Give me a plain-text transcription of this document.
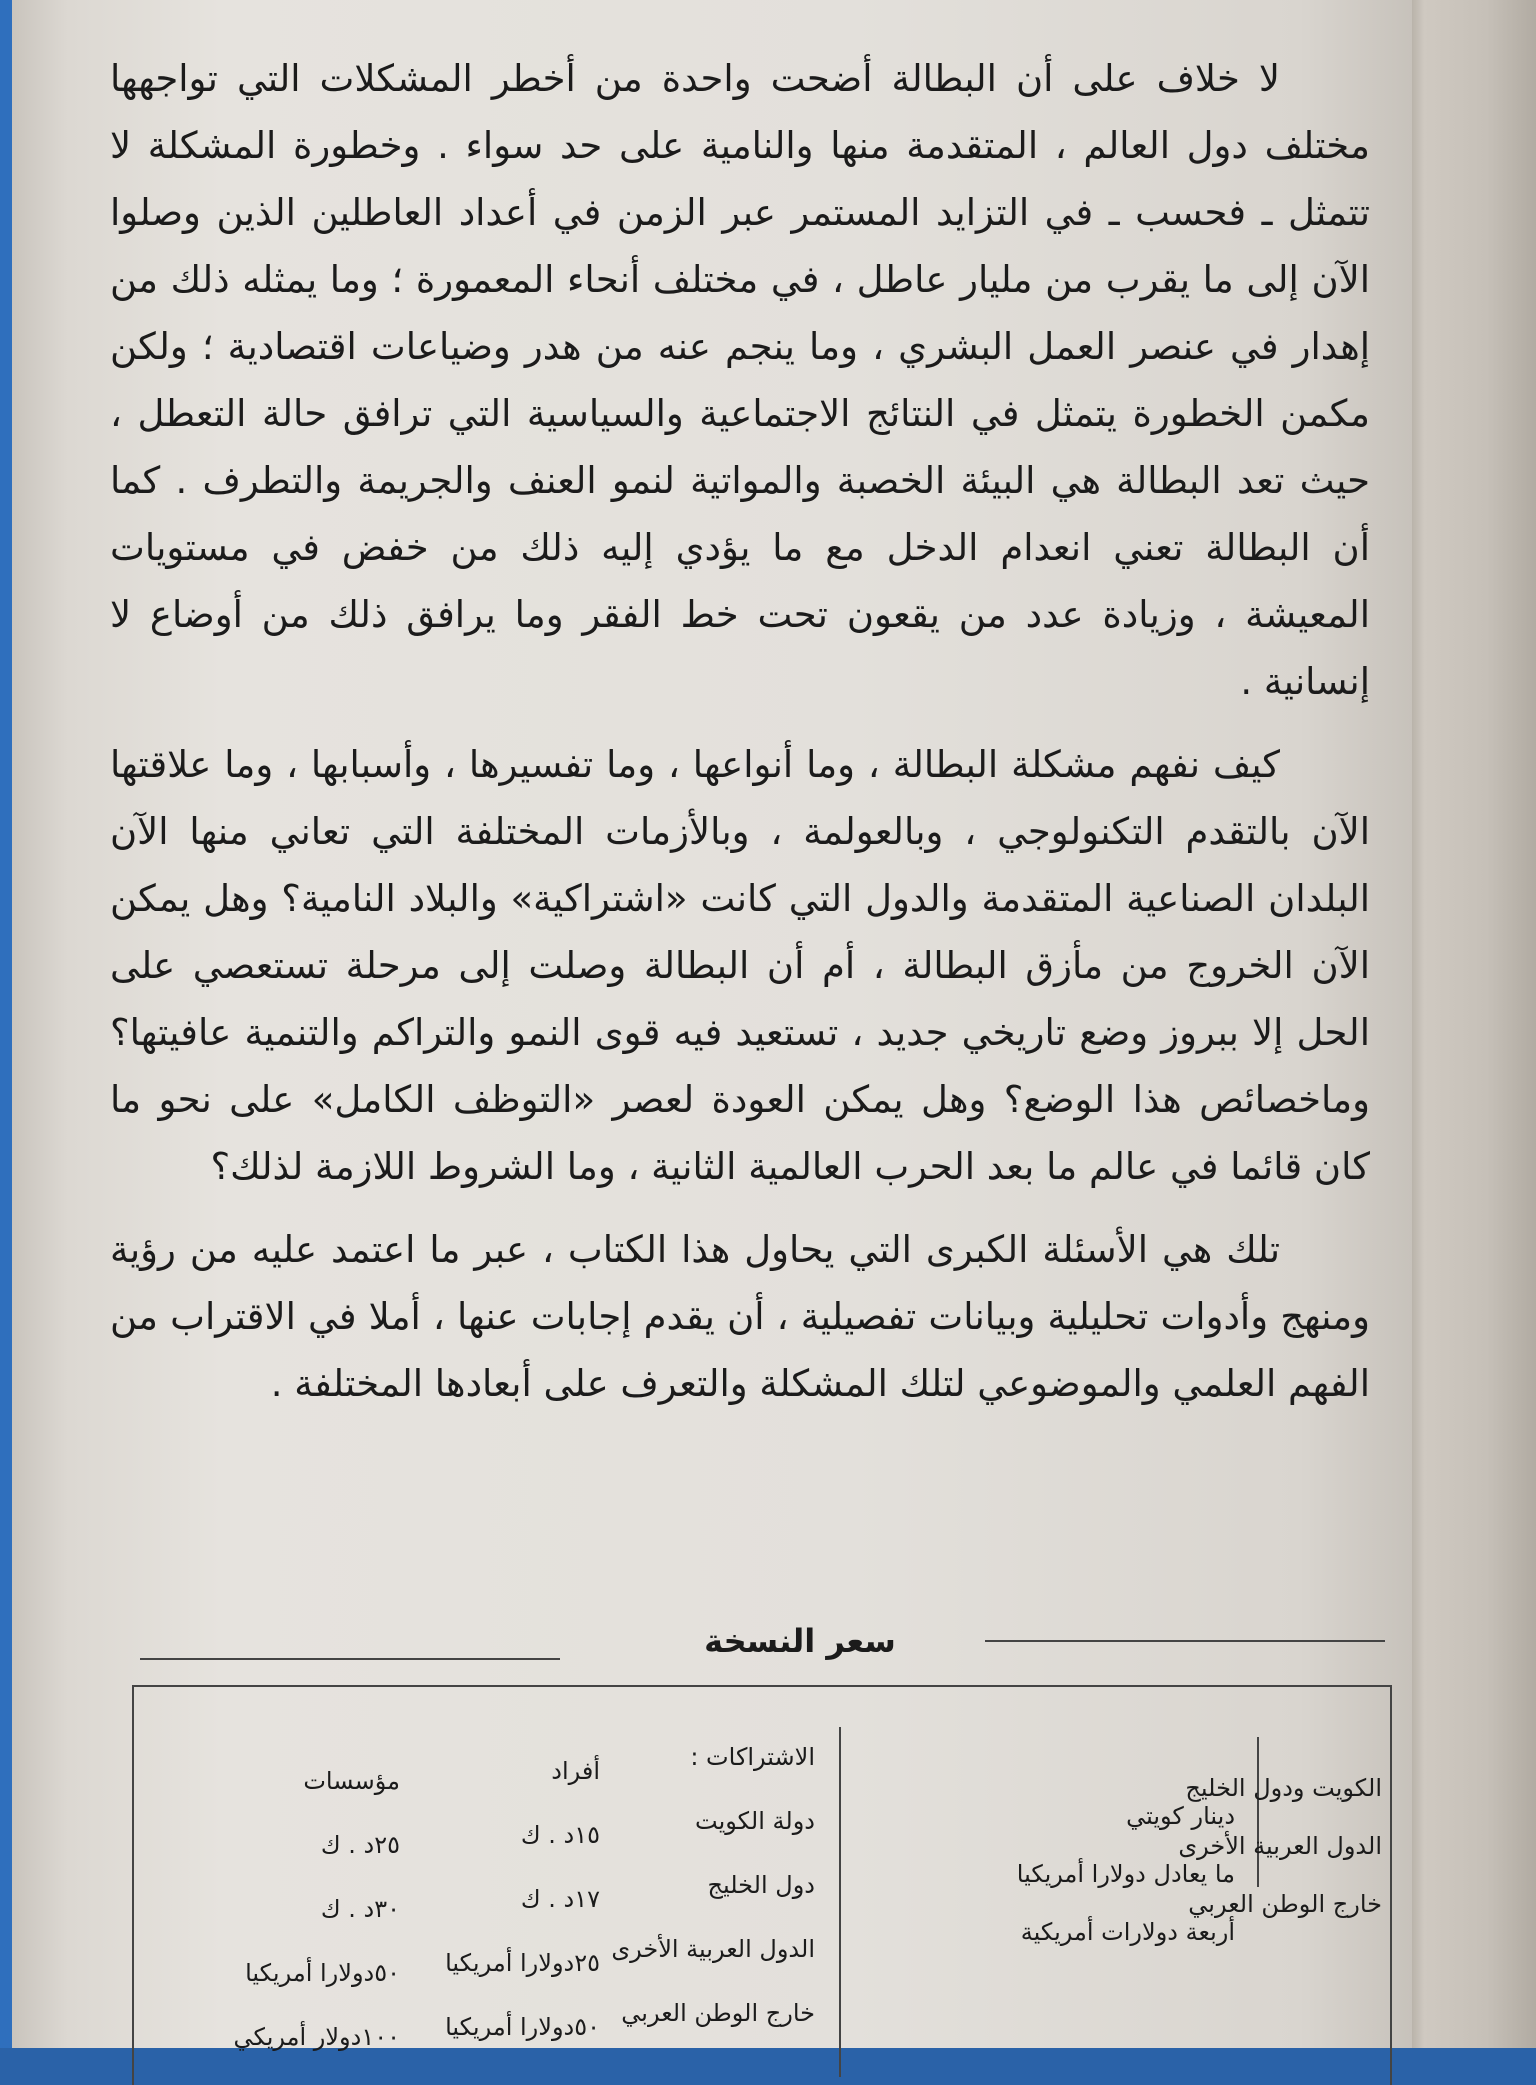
لا خلاف على أن البطالة أضحت واحدة من أخطر المشكلات التي تواجهها مختلف دول العالم ، المتقدمة منها والنامية على حد سواء . وخطورة المشكلة لا تتمثل ـ فحسب ـ في التزايد المستمر عبر الزمن في أعداد العاطلين الذين وصلوا الآن إلى ما يقرب من مليار عاطل ، في مختلف أنحاء المعمورة ؛ وما يمثله ذلك من إهدار في عنصر العمل البشري ، وما ينجم عنه من هدر وضياعات اقتصادية ؛ ولكن مكمن الخطورة يتمثل في النتائج الاجتماعية والسياسية التي ترافق حالة التعطل ، حيث تعد البطالة هي البيئة الخصبة والمواتية لنمو العنف والجريمة والتطرف . كما أن البطالة تعني انعدام الدخل مع ما يؤدي إليه ذلك من خفض في مستويات المعيشة ، وزيادة عدد من يقعون تحت خط الفقر وما يرافق ذلك من أوضاع لا إنسانية .

كيف نفهم مشكلة البطالة ، وما أنواعها ، وما تفسيرها ، وأسبابها ، وما علاقتها الآن بالتقدم التكنولوجي ، وبالعولمة ، وبالأزمات المختلفة التي تعاني منها الآن البلدان الصناعية المتقدمة والدول التي كانت «اشتراكية» والبلاد النامية؟ وهل يمكن الآن الخروج من مأزق البطالة ، أم أن البطالة وصلت إلى مرحلة تستعصي على الحل إلا ببروز وضع تاريخي جديد ، تستعيد فيه قوى النمو والتراكم والتنمية عافيتها؟ وماخصائص هذا الوضع؟ وهل يمكن العودة لعصر «التوظف الكامل» على نحو ما كان قائما في عالم ما بعد الحرب العالمية الثانية ، وما الشروط اللازمة لذلك؟

تلك هي الأسئلة الكبرى التي يحاول هذا الكتاب ، عبر ما اعتمد عليه من رؤية ومنهج وأدوات تحليلية وبيانات تفصيلية ، أن يقدم إجابات عنها ، أملا في الاقتراب من الفهم العلمي والموضوعي لتلك المشكلة والتعرف على أبعادها المختلفة .

سعر النسخة
الكويت ودول الخليج
الدول العربية الأخرى
خارج الوطن العربي
دينار كويتي
ما يعادل دولارا أمريكيا
أربعة دولارات أمريكية
الاشتراكات :
دولة الكويت
دول الخليج
الدول العربية الأخرى
خارج الوطن العربي
أفراد
١٥د . ك
١٧د . ك
٢٥دولارا أمريكيا
٥٠دولارا أمريكيا
مؤسسات
٢٥د . ك
٣٠د . ك
٥٠دولارا أمريكيا
١٠٠دولار أمريكي
